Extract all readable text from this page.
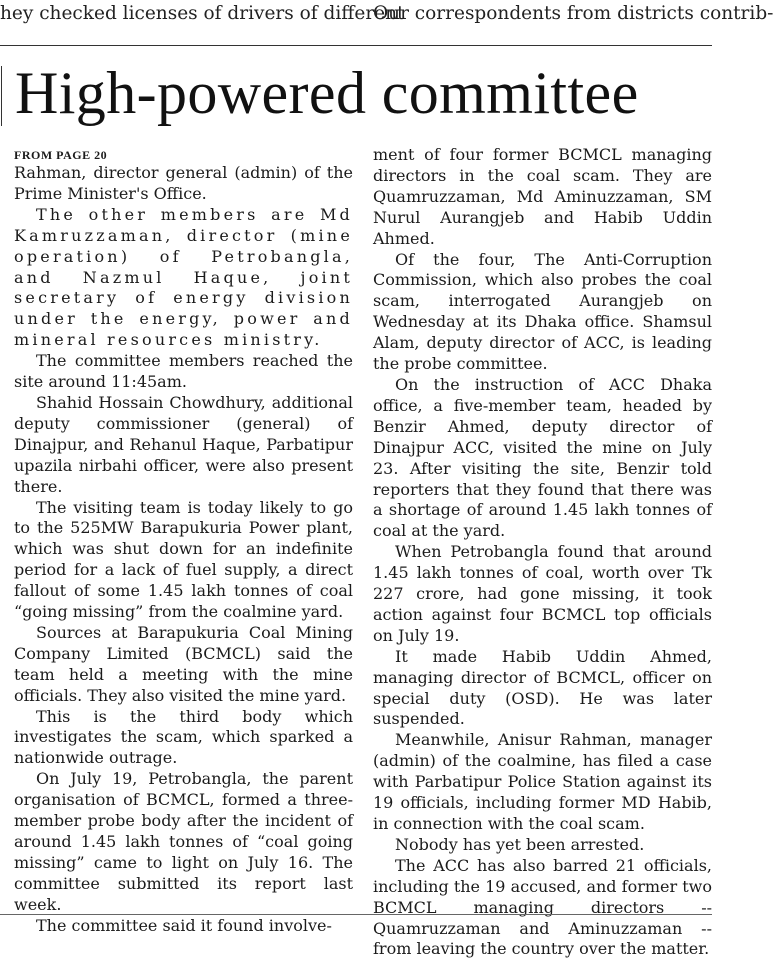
hey checked licenses of drivers of different
Our correspondents from districts contrib-
High-powered committee
FROM PAGE 20

Rahman, director general (admin) of the Prime Minister's Office.

The other members are Md Kamruzzaman, director (mine operation) of Petrobangla, and Nazmul Haque, joint secretary of energy division under the energy, power and mineral resources ministry.

The committee members reached the site around 11:45am.

Shahid Hossain Chowdhury, additional deputy commissioner (general) of Dinajpur, and Rehanul Haque, Parbatipur upazila nirbahi officer, were also present there.

The visiting team is today likely to go to the 525MW Barapukuria Power plant, which was shut down for an indefinite period for a lack of fuel supply, a direct fallout of some 1.45 lakh tonnes of coal “going missing” from the coalmine yard.

Sources at Barapukuria Coal Mining Company Limited (BCMCL) said the team held a meeting with the mine officials. They also visited the mine yard.

This is the third body which investigates the scam, which sparked a nationwide outrage.

On July 19, Petrobangla, the parent organisation of BCMCL, formed a three-member probe body after the incident of around 1.45 lakh tonnes of “coal going missing” came to light on July 16. The committee submitted its report last week.

The committee said it found involve-

ment of four former BCMCL managing directors in the coal scam. They are Quamruzzaman, Md Aminuzzaman, SM Nurul Aurangjeb and Habib Uddin Ahmed.

Of the four, The Anti-Corruption Commission, which also probes the coal scam, interrogated Aurangjeb on Wednesday at its Dhaka office. Shamsul Alam, deputy director of ACC, is leading the probe committee.

On the instruction of ACC Dhaka office, a five-member team, headed by Benzir Ahmed, deputy director of Dinajpur ACC, visited the mine on July 23. After visiting the site, Benzir told reporters that they found that there was a shortage of around 1.45 lakh tonnes of coal at the yard.

When Petrobangla found that around 1.45 lakh tonnes of coal, worth over Tk 227 crore, had gone missing, it took action against four BCMCL top officials on July 19.

It made Habib Uddin Ahmed, managing director of BCMCL, officer on special duty (OSD). He was later suspended.

Meanwhile, Anisur Rahman, manager (admin) of the coalmine, has filed a case with Parbatipur Police Station against its 19 officials, including former MD Habib, in connection with the coal scam.

Nobody has yet been arrested.

The ACC has also barred 21 officials, including the 19 accused, and former two BCMCL managing directors -- Quamruzzaman and Aminuzzaman -- from leaving the country over the matter.
